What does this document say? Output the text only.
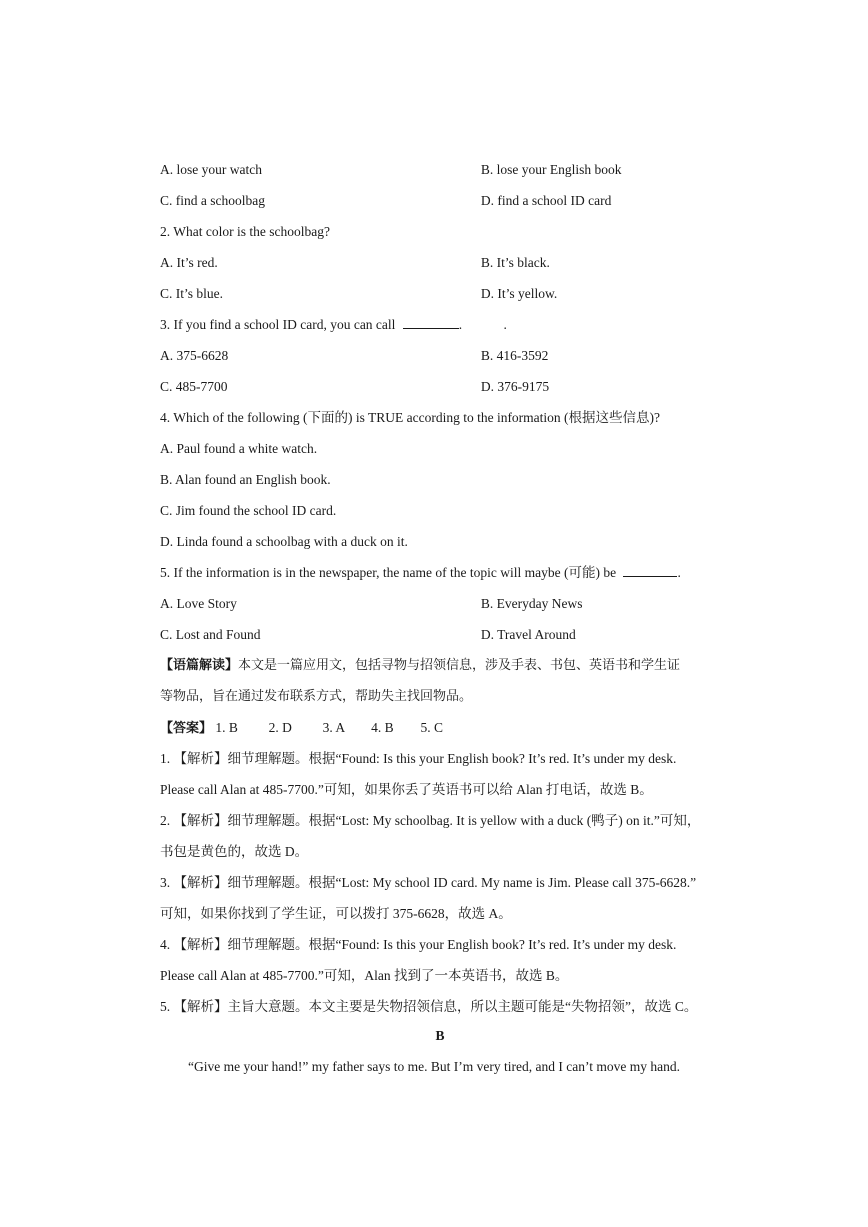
A. lose your watch	B. lose your English book
C. find a schoolbag	D. find a school ID card
2. What color is the schoolbag?
A. It’s red.	B. It’s black.
C. It’s blue.	D. It’s yellow.
3. If you find a school ID card, you can call	.	.
A. 375-6628	B. 416-3592
C. 485-7700	D. 376-9175
4. Which of the following (下面的) is TRUE according to the information (根据这些信息)?
A. Paul found a white watch.
B. Alan found an English book.
C. Jim found the school ID card.
D. Linda found a schoolbag with a duck on it.
5. If the information is in the newspaper, the name of the topic will maybe (可能) be	.
A. Love Story	B. Everyday News
C. Lost and Found	D. Travel Around
【语篇解读】本文是一篇应用文，包括寻物与招领信息，涉及手表、书包、英语书和学生证
等物品，旨在通过发布联系方式，帮助失主找回物品。
【答案】 1. B 2. D 3. A 4. B 5. C
1. 【解析】细节理解题。根据“Found: Is this your English book? It’s red. It’s under my desk.
Please call Alan at 485-7700.”可知，如果你丢了英语书可以给 Alan 打电话，故选 B。
2. 【解析】细节理解题。根据“Lost: My schoolbag. It is yellow with a duck (鸭子) on it.”可知，
书包是黄色的，故选 D。
3. 【解析】细节理解题。根据“Lost: My school ID card. My name is Jim. Please call 375-6628.”
可知，如果你找到了学生证，可以拨打 375-6628，故选 A。
4. 【解析】细节理解题。根据“Found: Is this your English book? It’s red. It’s under my desk.
Please call Alan at 485-7700.”可知，Alan 找到了一本英语书，故选 B。
5. 【解析】主旨大意题。本文主要是失物招领信息，所以主题可能是“失物招领”，故选 C。
B
“Give me your hand!” my father says to me. But I’m very tired, and I can’t move my hand.
